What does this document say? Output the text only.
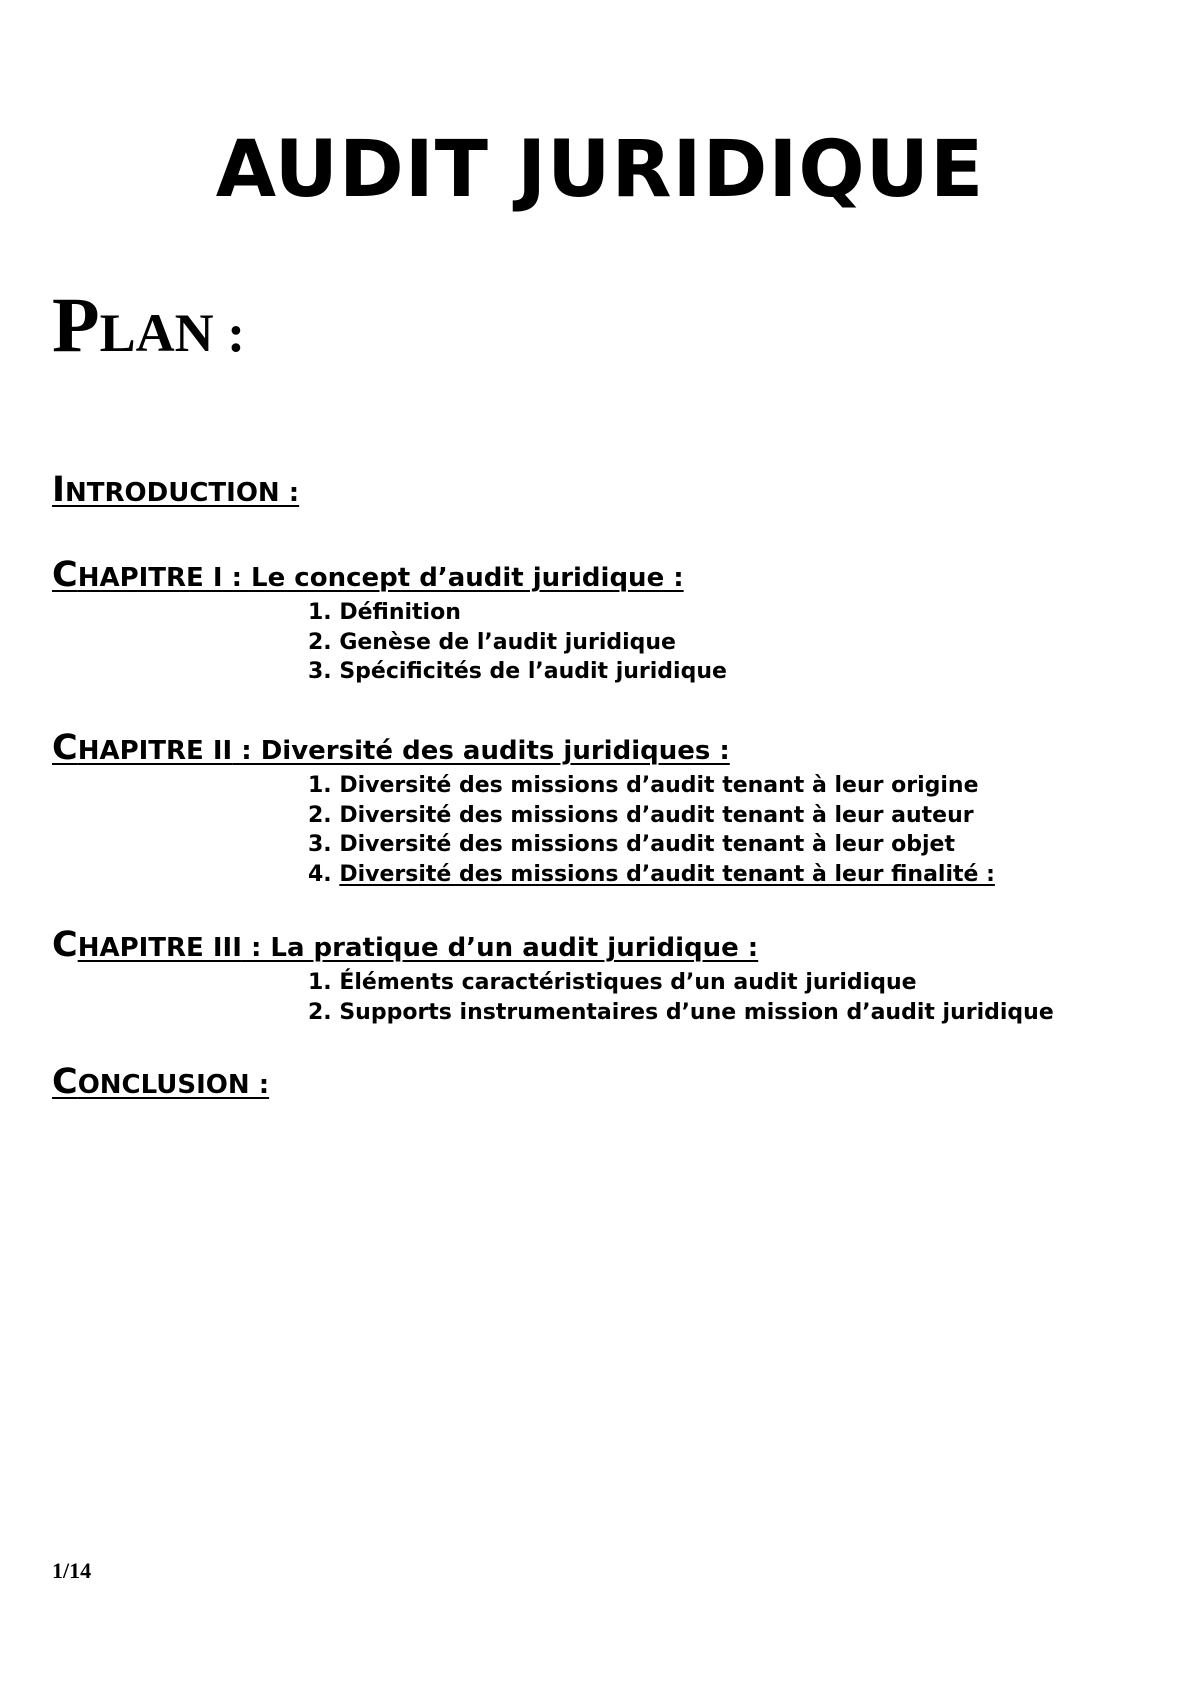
AUDIT JURIDIQUE
PLAN :
INTRODUCTION :
CHAPITRE I : Le concept d’audit juridique :
1. Définition
2. Genèse de l’audit juridique
3. Spécificités de l’audit juridique
CHAPITRE II : Diversité des audits juridiques :
1. Diversité des missions d’audit tenant à leur origine
2. Diversité des missions d’audit tenant à leur auteur
3. Diversité des missions d’audit tenant à leur objet
4. Diversité des missions d’audit tenant à leur finalité :
CHAPITRE III : La pratique d’un audit juridique :
1. Éléments caractéristiques d’un audit juridique
2. Supports instrumentaires d’une mission d’audit juridique
CONCLUSION :
1/14
